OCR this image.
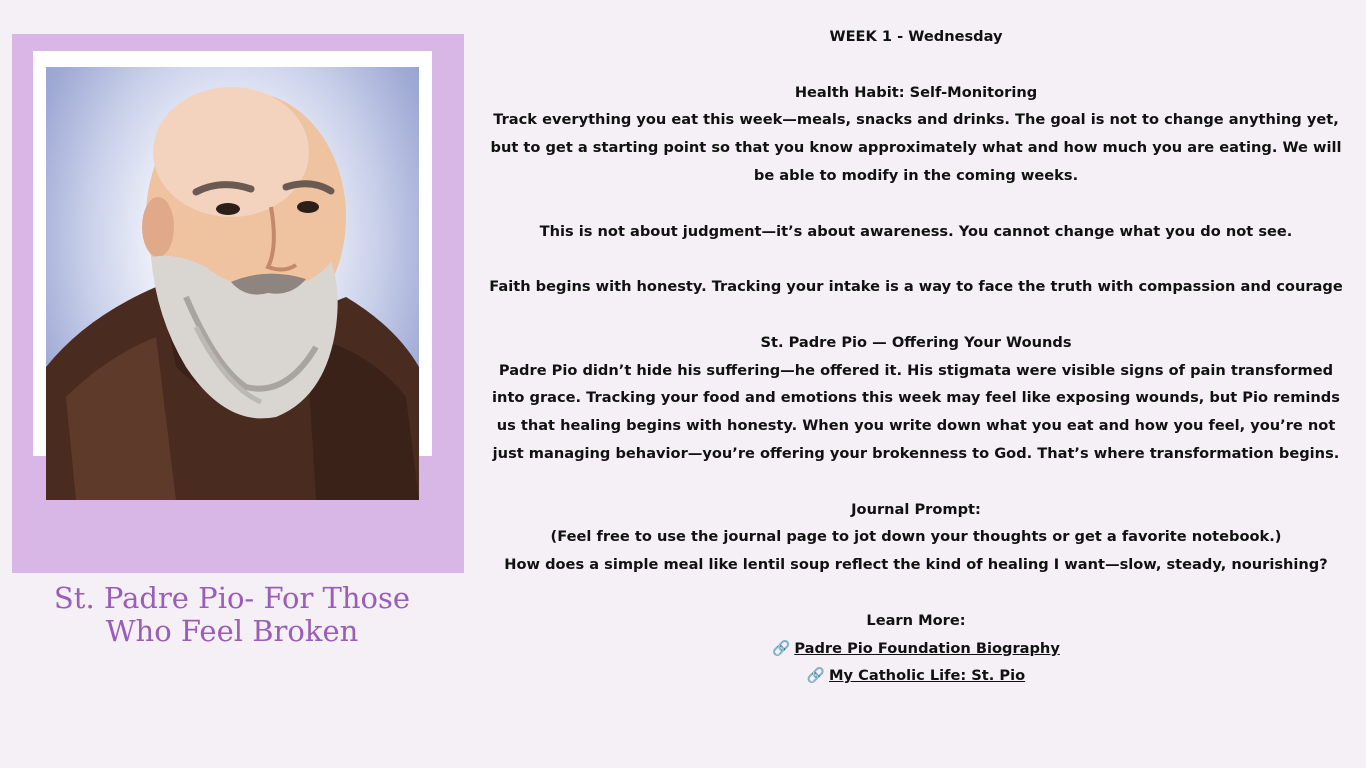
St. Padre Pio- For Those
Who Feel Broken

WEEK 1 - Wednesday

Health Habit: Self-Monitoring

Track everything you eat this week—meals, snacks and drinks. The goal is not to change anything yet, but to get a starting point so that you know approximately what and how much you are eating. We will be able to modify in the coming weeks.

This is not about judgment—it’s about awareness. You cannot change what you do not see.

Faith begins with honesty. Tracking your intake is a way to face the truth with compassion and courage

St. Padre Pio — Offering Your Wounds

Padre Pio didn’t hide his suffering—he offered it. His stigmata were visible signs of pain transformed into grace. Tracking your food and emotions this week may feel like exposing wounds, but Pio reminds us that healing begins with honesty. When you write down what you eat and how you feel, you’re not just managing behavior—you’re offering your brokenness to God. That’s where transformation begins.

Journal Prompt:

(Feel free to use the journal page to jot down your thoughts or get a favorite notebook.)

How does a simple meal like lentil soup reflect the kind of healing I want—slow, steady, nourishing?

Learn More:

🔗 Padre Pio Foundation Biography

🔗 My Catholic Life: St. Pio
